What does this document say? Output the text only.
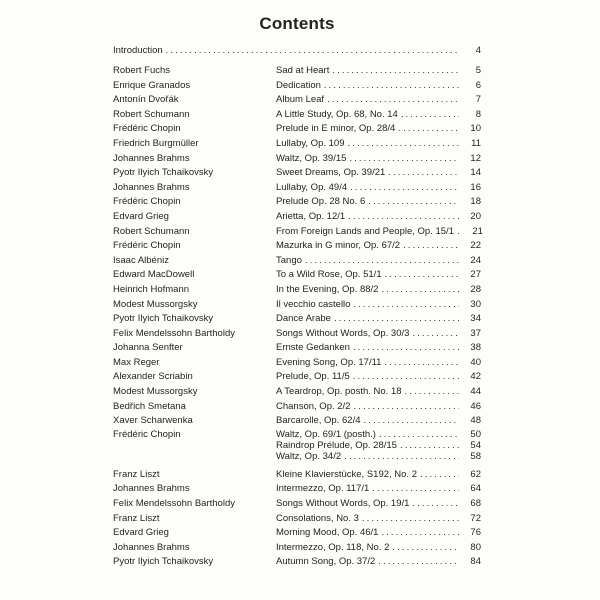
Contents
Introduction .....	4
Robert Fuchs	Sad at Heart .....	5
Enrique Granados	Dedication .....	6
Antonín Dvořák	Album Leaf .....	7
Robert Schumann	A Little Study, Op. 68, No. 14 .....	8
Frédéric Chopin	Prelude in E minor, Op. 28/4 .....	10
Friedrich Burgmüller	Lullaby, Op. 109 .....	11
Johannes Brahms	Waltz, Op. 39/15 .....	12
Pyotr Ilyich Tchaikovsky	Sweet Dreams, Op. 39/21 .....	14
Johannes Brahms	Lullaby, Op. 49/4 .....	16
Frédéric Chopin	Prelude Op. 28 No. 6 .....	18
Edvard Grieg	Arietta, Op. 12/1 .....	20
Robert Schumann	From Foreign Lands and People, Op. 15/1 .....	21
Frédéric Chopin	Mazurka in G minor, Op. 67/2 .....	22
Isaac Albéniz	Tango .....	24
Edward MacDowell	To a Wild Rose, Op. 51/1 .....	27
Heinrich Hofmann	In the Evening, Op. 88/2 .....	28
Modest Mussorgsky	Il vecchio castello .....	30
Pyotr Ilyich Tchaikovsky	Dance Arabe .....	34
Felix Mendelssohn Bartholdy	Songs Without Words, Op. 30/3 .....	37
Johanna Senfter	Ernste Gedanken .....	38
Max Reger	Evening Song, Op. 17/11 .....	40
Alexander Scriabin	Prelude, Op. 11/5 .....	42
Modest Mussorgsky	A Teardrop, Op. posth. No. 18 .....	44
Bedřich Smetana	Chanson, Op. 2/2 .....	46
Xaver Scharwenka	Barcarolle, Op. 62/4 .....	48
Frédéric Chopin	Waltz, Op. 69/1 (posth.) .....	50
Raindrop Prélude, Op. 28/15 .....	54
Waltz, Op. 34/2 .....	58
Franz Liszt	Kleine Klavierstücke, S192, No. 2 .....	62
Johannes Brahms	Intermezzo, Op. 117/1 .....	64
Felix Mendelssohn Bartholdy	Songs Without Words, Op. 19/1 .....	68
Franz Liszt	Consolations, No. 3 .....	72
Edvard Grieg	Morning Mood, Op. 46/1 .....	76
Johannes Brahms	Intermezzo, Op. 118, No. 2 .....	80
Pyotr Ilyich Tchaikovsky	Autumn Song, Op. 37/2 .....	84
